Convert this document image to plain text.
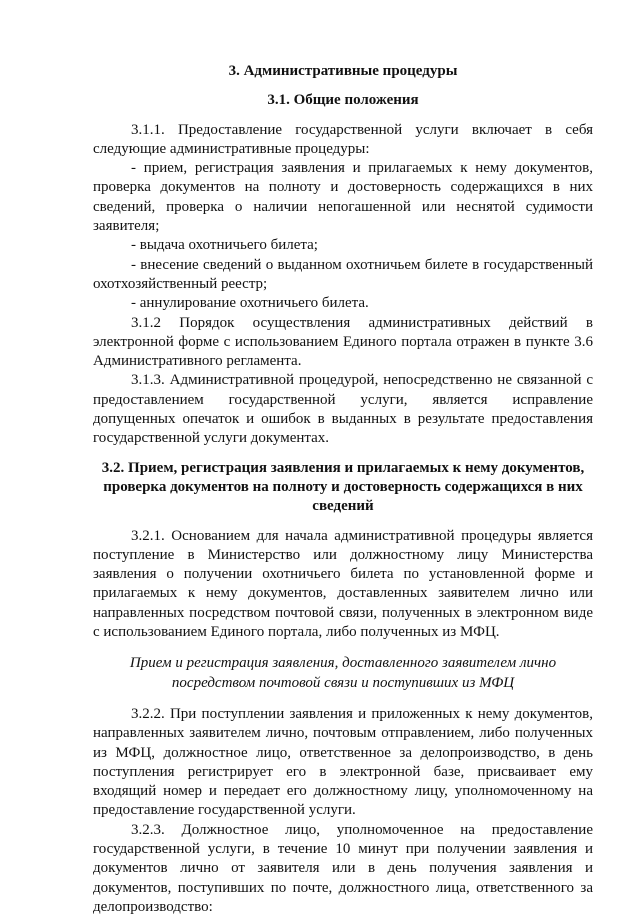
3. Административные процедуры
3.1. Общие положения

3.1.1. Предоставление государственной услуги включает в себя следующие административные процедуры:

- прием, регистрация заявления и прилагаемых к нему документов, проверка документов на полноту и достоверность содержащихся в них сведений, проверка о наличии непогашенной или неснятой судимости заявителя;

- выдача охотничьего билета;

- внесение сведений о выданном охотничьем билете в государственный охотхозяйственный реестр;

- аннулирование охотничьего билета.

3.1.2 Порядок осуществления административных действий в электронной форме с использованием Единого портала отражен в пункте 3.6 Административного регламента.

3.1.3. Административной процедурой, непосредственно не связанной с предоставлением государственной услуги, является исправление допущенных опечаток и ошибок в выданных в результате предоставления государственной услуги документах.

3.2. Прием, регистрация заявления и прилагаемых к нему документов, проверка документов на полноту и достоверность содержащихся в них сведений

3.2.1. Основанием для начала административной процедуры является поступление в Министерство или должностному лицу Министерства заявления о получении охотничьего билета по установленной форме и прилагаемых к нему документов, доставленных заявителем лично или направленных посредством почтовой связи, полученных в электронном виде с использованием Единого портала, либо полученных из МФЦ.

Прием и регистрация заявления, доставленного заявителем лично посредством почтовой связи и поступивших из МФЦ

3.2.2. При поступлении заявления и приложенных к нему документов, направленных заявителем лично, почтовым отправлением, либо полученных из МФЦ, должностное лицо, ответственное за делопроизводство, в день поступления регистрирует его в электронной базе, присваивает ему входящий номер и передает его должностному лицу, уполномоченному на предоставление государственной услуги.

3.2.3. Должностное лицо, уполномоченное на предоставление государственной услуги, в течение 10 минут при получении заявления и документов лично от заявителя или в день получения заявления и документов, поступивших по почте, должностного лица, ответственного за делопроизводство:
